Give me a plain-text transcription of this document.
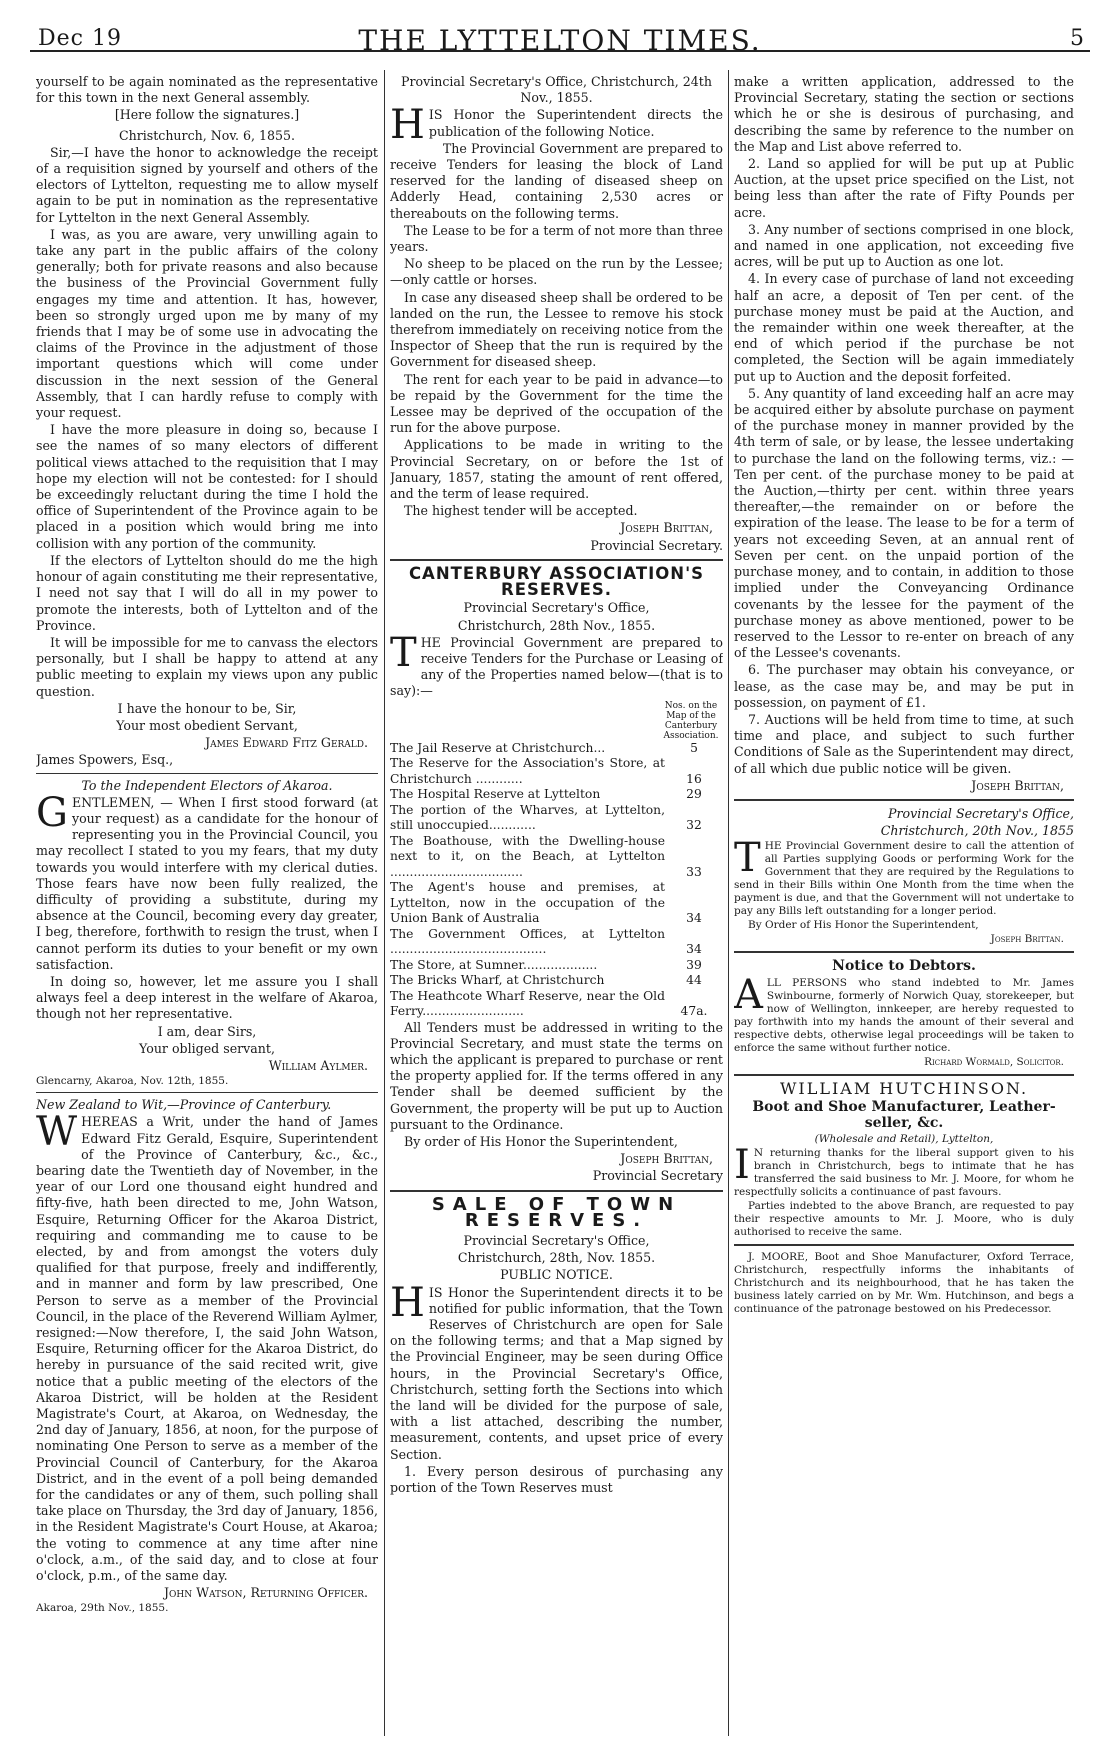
Dec 19	THE LYTTELTON TIMES.	5

yourself to be again nominated as the representative for this town in the next General assembly.

[Here follow the signatures.]

Christchurch, Nov. 6, 1855.

Sir,—I have the honor to acknowledge the receipt of a requisition signed by yourself and others of the electors of Lyttelton, requesting me to allow myself again to be put in nomination as the representative for Lyttelton in the next General Assembly.

I was, as you are aware, very unwilling again to take any part in the public affairs of the colony generally; both for private reasons and also because the business of the Provincial Government fully engages my time and attention. It has, however, been so strongly urged upon me by many of my friends that I may be of some use in advocating the claims of the Province in the adjustment of those important questions which will come under discussion in the next session of the General Assembly, that I can hardly refuse to comply with your request.

I have the more pleasure in doing so, because I see the names of so many electors of different political views attached to the requisition that I may hope my election will not be contested: for I should be exceedingly reluctant during the time I hold the office of Superintendent of the Province again to be placed in a position which would bring me into collision with any portion of the community.

If the electors of Lyttelton should do me the high honour of again constituting me their representative, I need not say that I will do all in my power to promote the interests, both of Lyttelton and of the Province.

It will be impossible for me to canvass the electors personally, but I shall be happy to attend at any public meeting to explain my views upon any public question.

I have the honour to be, Sir,

Your most obedient Servant,

James Edward Fitz Gerald.

James Spowers, Esq.,

To the Independent Electors of Akaroa.

GENTLEMEN, — When I first stood forward (at your request) as a candidate for the honour of representing you in the Provincial Council, you may recollect I stated to you my fears, that my duty towards you would interfere with my clerical duties. Those fears have now been fully realized, the difficulty of providing a substitute, during my absence at the Council, becoming every day greater, I beg, therefore, forthwith to resign the trust, when I cannot perform its duties to your benefit or my own satisfaction.

In doing so, however, let me assure you I shall always feel a deep interest in the welfare of Akaroa, though not her representative.

I am, dear Sirs,

Your obliged servant,

William Aylmer.

Glencarny, Akaroa, Nov. 12th, 1855.

New Zealand to Wit,—Province of Canterbury.

WHEREAS a Writ, under the hand of James Edward Fitz Gerald, Esquire, Superintendent of the Province of Canterbury, &c., &c., bearing date the Twentieth day of November, in the year of our Lord one thousand eight hundred and fifty-five, hath been directed to me, John Watson, Esquire, Returning Officer for the Akaroa District, requiring and commanding me to cause to be elected, by and from amongst the voters duly qualified for that purpose, freely and indifferently, and in manner and form by law prescribed, One Person to serve as a member of the Provincial Council, in the place of the Reverend William Aylmer, resigned:—Now therefore, I, the said John Watson, Esquire, Returning officer for the Akaroa District, do hereby in pursuance of the said recited writ, give notice that a public meeting of the electors of the Akaroa District, will be holden at the Resident Magistrate's Court, at Akaroa, on Wednesday, the 2nd day of January, 1856, at noon, for the purpose of nominating One Person to serve as a member of the Provincial Council of Canterbury, for the Akaroa District, and in the event of a poll being demanded for the candidates or any of them, such polling shall take place on Thursday, the 3rd day of January, 1856, in the Resident Magistrate's Court House, at Akaroa; the voting to commence at any time after nine o'clock, a.m., of the said day, and to close at four o'clock, p.m., of the same day.

John Watson, Returning Officer.

Akaroa, 29th Nov., 1855.

Provincial Secretary's Office, Christchurch, 24th Nov., 1855.

HIS Honor the Superintendent directs the publication of the following Notice.

The Provincial Government are prepared to receive Tenders for leasing the block of Land reserved for the landing of diseased sheep on Adderly Head, containing 2,530 acres or thereabouts on the following terms.

The Lease to be for a term of not more than three years.

No sheep to be placed on the run by the Lessee;—only cattle or horses.

In case any diseased sheep shall be ordered to be landed on the run, the Lessee to remove his stock therefrom immediately on receiving notice from the Inspector of Sheep that the run is required by the Government for diseased sheep.

The rent for each year to be paid in advance—to be repaid by the Government for the time the Lessee may be deprived of the occupation of the run for the above purpose.

Applications to be made in writing to the Provincial Secretary, on or before the 1st of January, 1857, stating the amount of rent offered, and the term of lease required.

The highest tender will be accepted.

Joseph Brittan,

Provincial Secretary.

CANTERBURY ASSOCIATION'S RESERVES.

Provincial Secretary's Office,

Christchurch, 28th Nov., 1855.

THE Provincial Government are prepared to receive Tenders for the Purchase or Leasing of any of the Properties named below—(that is to say):—

Nos. on the Map of the Canterbury Association.
The Jail Reserve at Christchurch...	5
The Reserve for the Association's Store, at Christchurch ............	16
The Hospital Reserve at Lyttelton	29
The portion of the Wharves, at Lyttelton, still unoccupied............	32
The Boathouse, with the Dwelling-house next to it, on the Beach, at Lyttelton ..................................	33
The Agent's house and premises, at Lyttelton, now in the occupation of the Union Bank of Australia	34
The Government Offices, at Lyttelton ........................................	34
The Store, at Sumner...................	39
The Bricks Wharf, at Christchurch	44
The Heathcote Wharf Reserve, near the Old Ferry..........................	47a.

All Tenders must be addressed in writing to the Provincial Secretary, and must state the terms on which the applicant is prepared to purchase or rent the property applied for. If the terms offered in any Tender shall be deemed sufficient by the Government, the property will be put up to Auction pursuant to the Ordinance.

By order of His Honor the Superintendent,

Joseph Brittan,

Provincial Secretary

SALE OF TOWN RESERVES.

Provincial Secretary's Office,

Christchurch, 28th, Nov. 1855.

PUBLIC NOTICE.

HIS Honor the Superintendent directs it to be notified for public information, that the Town Reserves of Christchurch are open for Sale on the following terms; and that a Map signed by the Provincial Engineer, may be seen during Office hours, in the Provincial Secretary's Office, Christchurch, setting forth the Sections into which the land will be divided for the purpose of sale, with a list attached, describing the number, measurement, contents, and upset price of every Section.

1. Every person desirous of purchasing any portion of the Town Reserves must

make a written application, addressed to the Provincial Secretary, stating the section or sections which he or she is desirous of purchasing, and describing the same by reference to the number on the Map and List above referred to.

2. Land so applied for will be put up at Public Auction, at the upset price specified on the List, not being less than after the rate of Fifty Pounds per acre.

3. Any number of sections comprised in one block, and named in one application, not exceeding five acres, will be put up to Auction as one lot.

4. In every case of purchase of land not exceeding half an acre, a deposit of Ten per cent. of the purchase money must be paid at the Auction, and the remainder within one week thereafter, at the end of which period if the purchase be not completed, the Section will be again immediately put up to Auction and the deposit forfeited.

5. Any quantity of land exceeding half an acre may be acquired either by absolute purchase on payment of the purchase money in manner provided by the 4th term of sale, or by lease, the lessee undertaking to purchase the land on the following terms, viz.: —Ten per cent. of the purchase money to be paid at the Auction,—thirty per cent. within three years thereafter,—the remainder on or before the expiration of the lease. The lease to be for a term of years not exceeding Seven, at an annual rent of Seven per cent. on the unpaid portion of the purchase money, and to contain, in addition to those implied under the Conveyancing Ordinance covenants by the lessee for the payment of the purchase money as above mentioned, power to be reserved to the Lessor to re-enter on breach of any of the Lessee's covenants.

6. The purchaser may obtain his conveyance, or lease, as the case may be, and may be put in possession, on payment of £1.

7. Auctions will be held from time to time, at such time and place, and subject to such further Conditions of Sale as the Superintendent may direct, of all which due public notice will be given.

Joseph Brittan,

Provincial Secretary's Office,

Christchurch, 20th Nov., 1855

THE Provincial Government desire to call the attention of all Parties supplying Goods or performing Work for the Government that they are required by the Regulations to send in their Bills within One Month from the time when the payment is due, and that the Government will not undertake to pay any Bills left outstanding for a longer period.

By Order of His Honor the Superintendent,

Joseph Brittan.

Notice to Debtors.

ALL PERSONS who stand indebted to Mr. James Swinbourne, formerly of Norwich Quay, storekeeper, but now of Wellington, innkeeper, are hereby requested to pay forthwith into my hands the amount of their several and respective debts, otherwise legal proceedings will be taken to enforce the same without further notice.

Richard Wormald, Solicitor.

WILLIAM HUTCHINSON.
Boot and Shoe Manufacturer, Leather-seller, &c.

(Wholesale and Retail), Lyttelton,

I N returning thanks for the liberal support given to his branch in Christchurch, begs to intimate that he has transferred the said business to Mr. J. Moore, for whom he respectfully solicits a continuance of past favours.

Parties indebted to the above Branch, are requested to pay their respective amounts to Mr. J. Moore, who is duly authorised to receive the same.

J. MOORE, Boot and Shoe Manufacturer, Oxford Terrace, Christchurch, respectfully informs the inhabitants of Christchurch and its neighbourhood, that he has taken the business lately carried on by Mr. Wm. Hutchinson, and begs a continuance of the patronage bestowed on his Predecessor.
